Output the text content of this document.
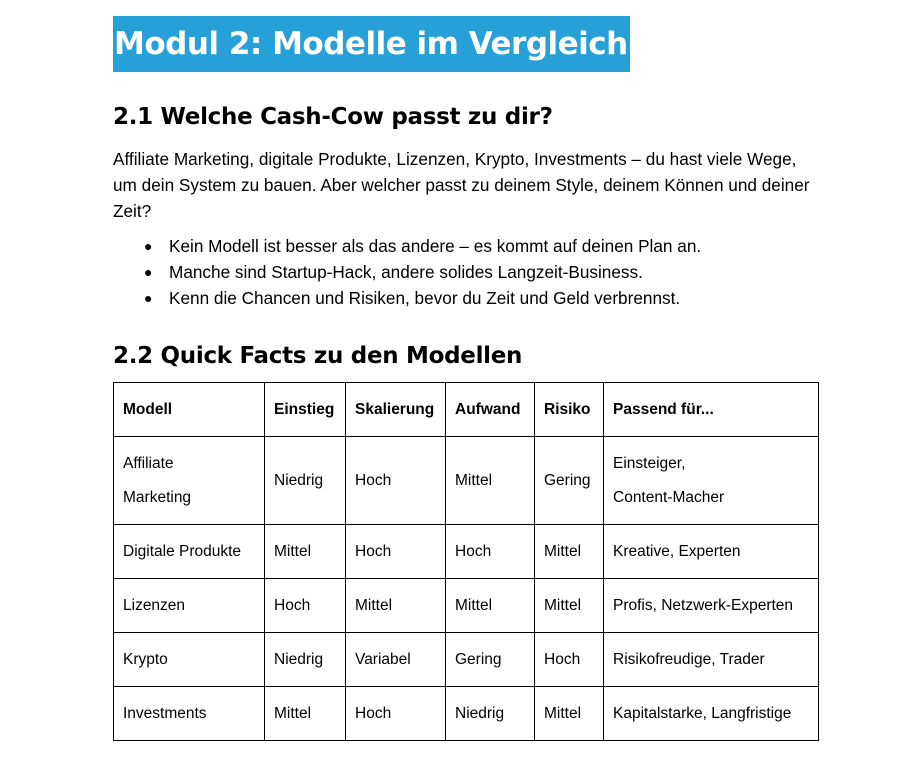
Modul 2: Modelle im Vergleich
2.1 Welche Cash-Cow passt zu dir?

Affiliate Marketing, digitale Produkte, Lizenzen, Krypto, Investments – du hast viele Wege, um dein System zu bauen. Aber welcher passt zu deinem Style, deinem Können und deiner Zeit?

● Kein Modell ist besser als das andere – es kommt auf deinen Plan an.
● Manche sind Startup-Hack, andere solides Langzeit-Business.
● Kenn die Chancen und Risiken, bevor du Zeit und Geld verbrennst.
2.2 Quick Facts zu den Modellen
Modell	Einstieg	Skalierung	Aufwand	Risiko	Passend für...

Affiliate
Marketing	Niedrig	Hoch	Mittel	Gering	Einsteiger,
Content-Macher

Digitale Produkte	Mittel	Hoch	Hoch	Mittel	Kreative, Experten
Lizenzen	Hoch	Mittel	Mittel	Mittel	Profis, Netzwerk-Experten
Krypto	Niedrig	Variabel	Gering	Hoch	Risikofreudige, Trader
Investments	Mittel	Hoch	Niedrig	Mittel	Kapitalstarke, Langfristige
